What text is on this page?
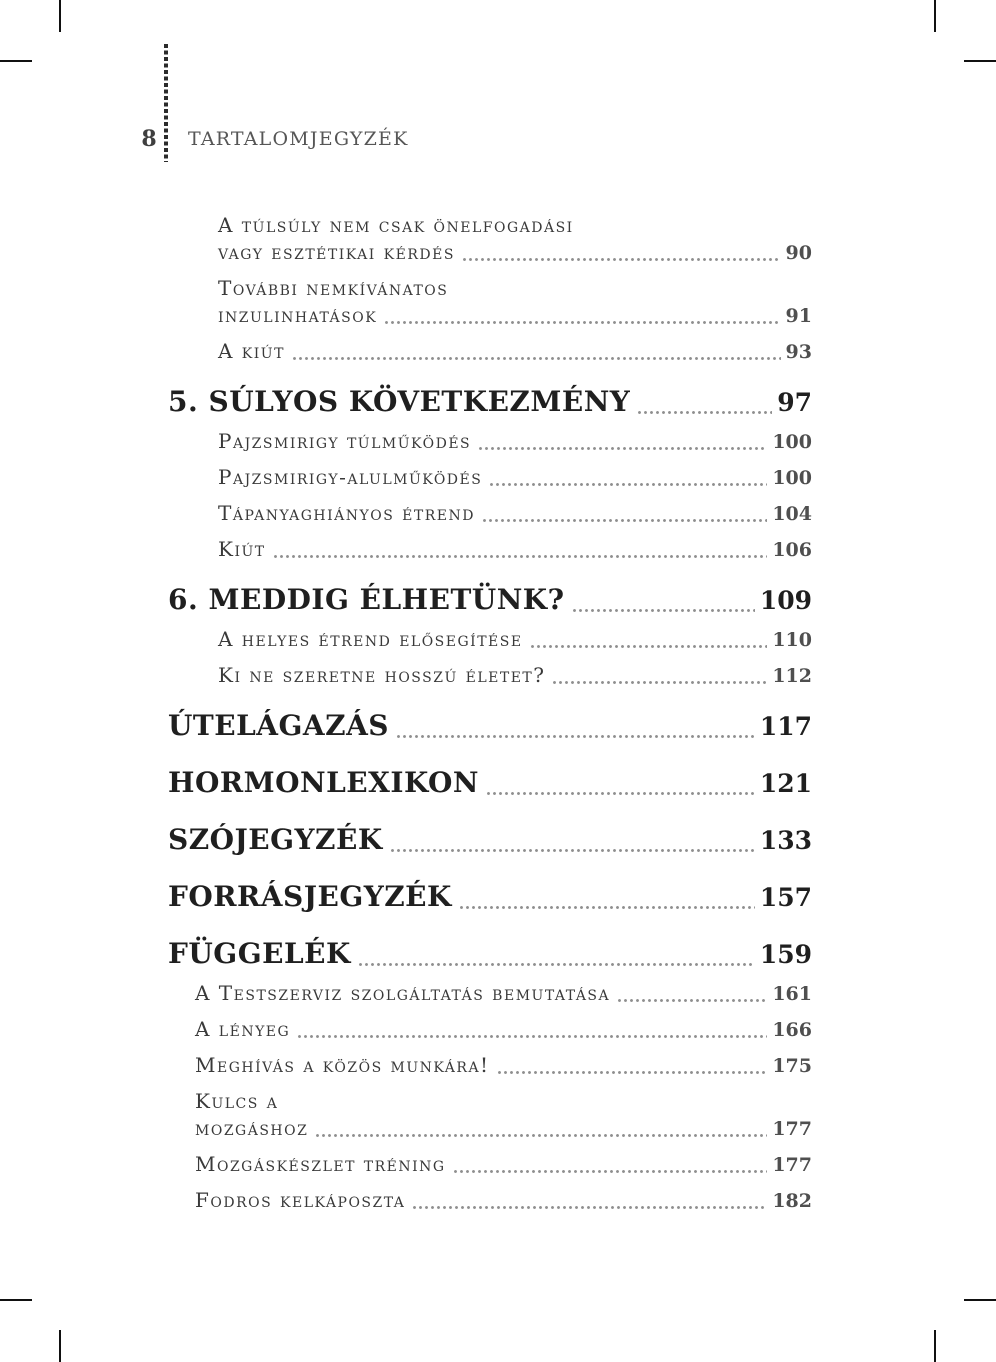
8	TARTALOMJEGYZÉK
A túlsúly nem csak önelfogadási
vagy esztétikai kérdés	90
További nemkívánatos
inzulinhatások	91
A kiút	93
5. SÚLYOS KÖVETKEZMÉNY	97
Pajzsmirigy túlműködés	100
Pajzsmirigy-alulműködés	100
Tápanyaghiányos étrend	104
Kiút	106
6. MEDDIG ÉLHETÜNK?	109
A helyes étrend elősegítése	110
Ki ne szeretne hosszú életet?	112
ÚTELÁGAZÁS	117
HORMONLEXIKON	121
SZÓJEGYZÉK	133
FORRÁSJEGYZÉK	157
FÜGGELÉK	159
A Testszerviz szolgáltatás bemutatása	161
A lényeg	166
Meghívás a közös munkára!	175
Kulcs a
mozgáshoz	177
Mozgáskészlet tréning	177
Fodros kelkáposzta	182
